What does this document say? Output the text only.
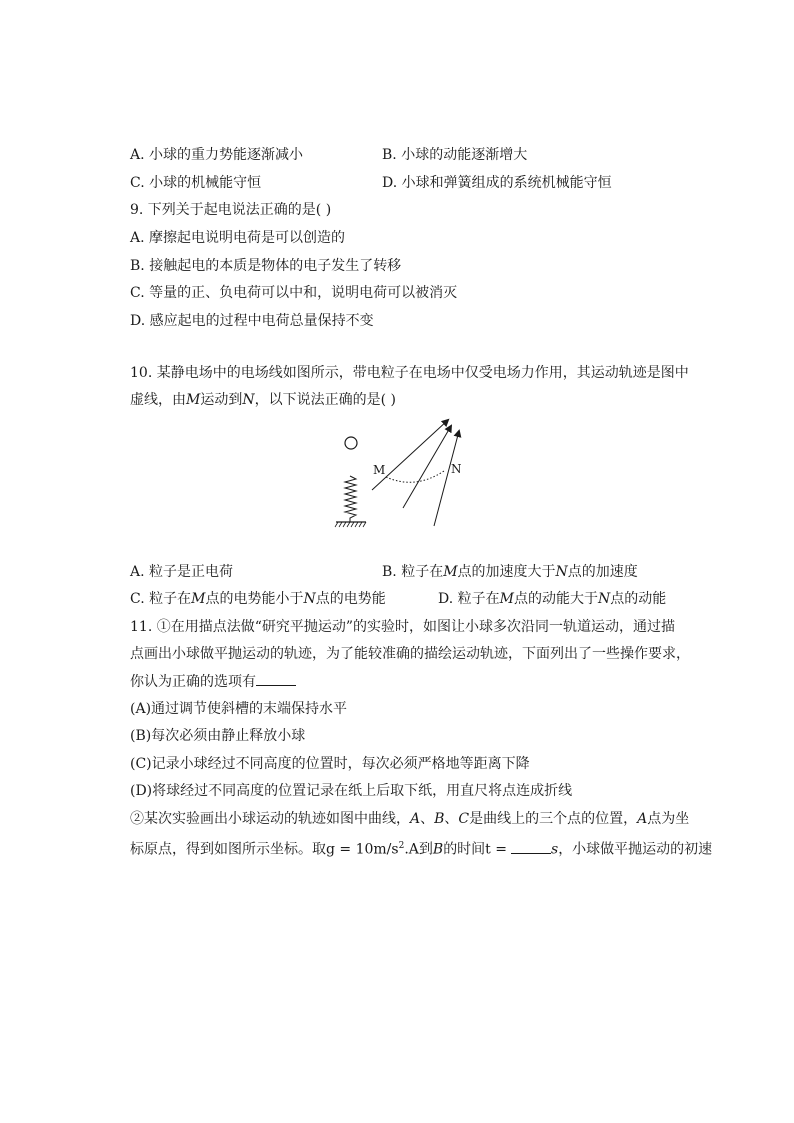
A. 小球的重力势能逐渐减小	B. 小球的动能逐渐增大
C. 小球的机械能守恒	D. 小球和弹簧组成的系统机械能守恒
9. 下列关于起电说法正确的是( )
A. 摩擦起电说明电荷是可以创造的
B. 接触起电的本质是物体的电子发生了转移
C. 等量的正、负电荷可以中和，说明电荷可以被消灭
D. 感应起电的过程中电荷总量保持不变
10. 某静电场中的电场线如图所示，带电粒子在电场中仅受电场力作用，其运动轨迹是图中
虚线，由M运动到N，以下说法正确的是( )
M	N
A. 粒子是正电荷	B. 粒子在M点的加速度大于N点的加速度
C. 粒子在M点的电势能小于N点的电势能	D. 粒子在M点的动能大于N点的动能
11. ①在用描点法做“研究平抛运动”的实验时，如图让小球多次沿同一轨道运动，通过描
点画出小球做平抛运动的轨迹，为了能较准确的描绘运动轨迹，下面列出了一些操作要求，
你认为正确的选项有
(A)通过调节使斜槽的末端保持水平
(B)每次必须由静止释放小球
(C)记录小球经过不同高度的位置时，每次必须严格地等距离下降
(D)将球经过不同高度的位置记录在纸上后取下纸，用直尺将点连成折线
②某次实验画出小球运动的轨迹如图中曲线，A、B、C是曲线上的三个点的位置，A点为坐
标原点，得到如图所示坐标。取$g = 10m/s^2.A$到B的时间t =	s，小球做平抛运动的初速
